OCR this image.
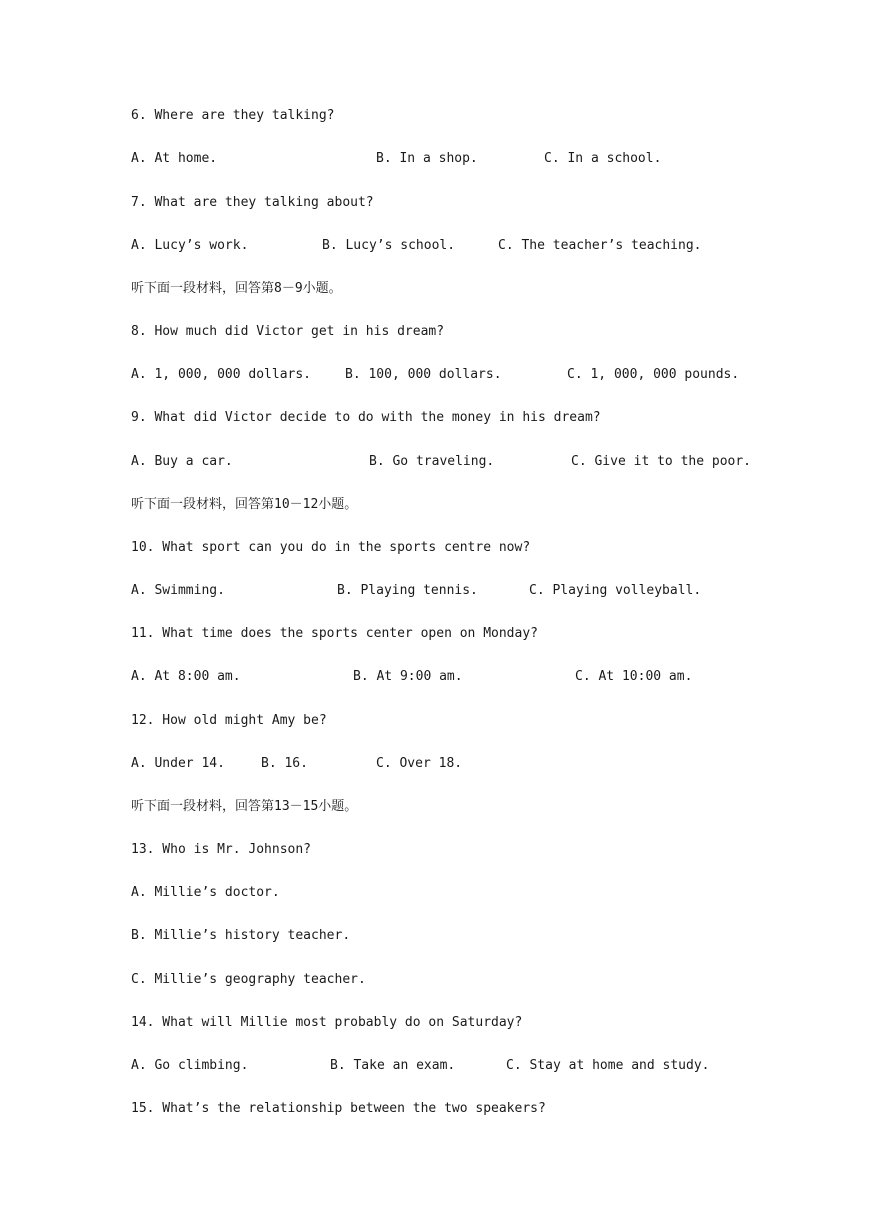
6. Where are they talking?
A. At home.	B. In a shop.	C. In a school.
7. What are they talking about?
A. Lucy’s work.	B. Lucy’s school.	C. The teacher’s teaching.
听下面一段材料，回答第8－9小题。
8. How much did Victor get in his dream?
A. 1, 000, 000 dollars.	B. 100, 000 dollars.	C. 1, 000, 000 pounds.
9. What did Victor decide to do with the money in his dream?
A. Buy a car.	B. Go traveling.	C. Give it to the poor.
听下面一段材料，回答第10－12小题。
10. What sport can you do in the sports centre now?
A. Swimming.	B. Playing tennis.	C. Playing volleyball.
11. What time does the sports center open on Monday?
A. At 8:00 am.	B. At 9:00 am.	C. At 10:00 am.
12. How old might Amy be?
A. Under 14.	B. 16.	C. Over 18.
听下面一段材料，回答第13－15小题。
13. Who is Mr. Johnson?
A. Millie’s doctor.
B. Millie’s history teacher.
C. Millie’s geography teacher.
14. What will Millie most probably do on Saturday?
A. Go climbing.	B. Take an exam.	C. Stay at home and study.
15. What’s the relationship between the two speakers?
